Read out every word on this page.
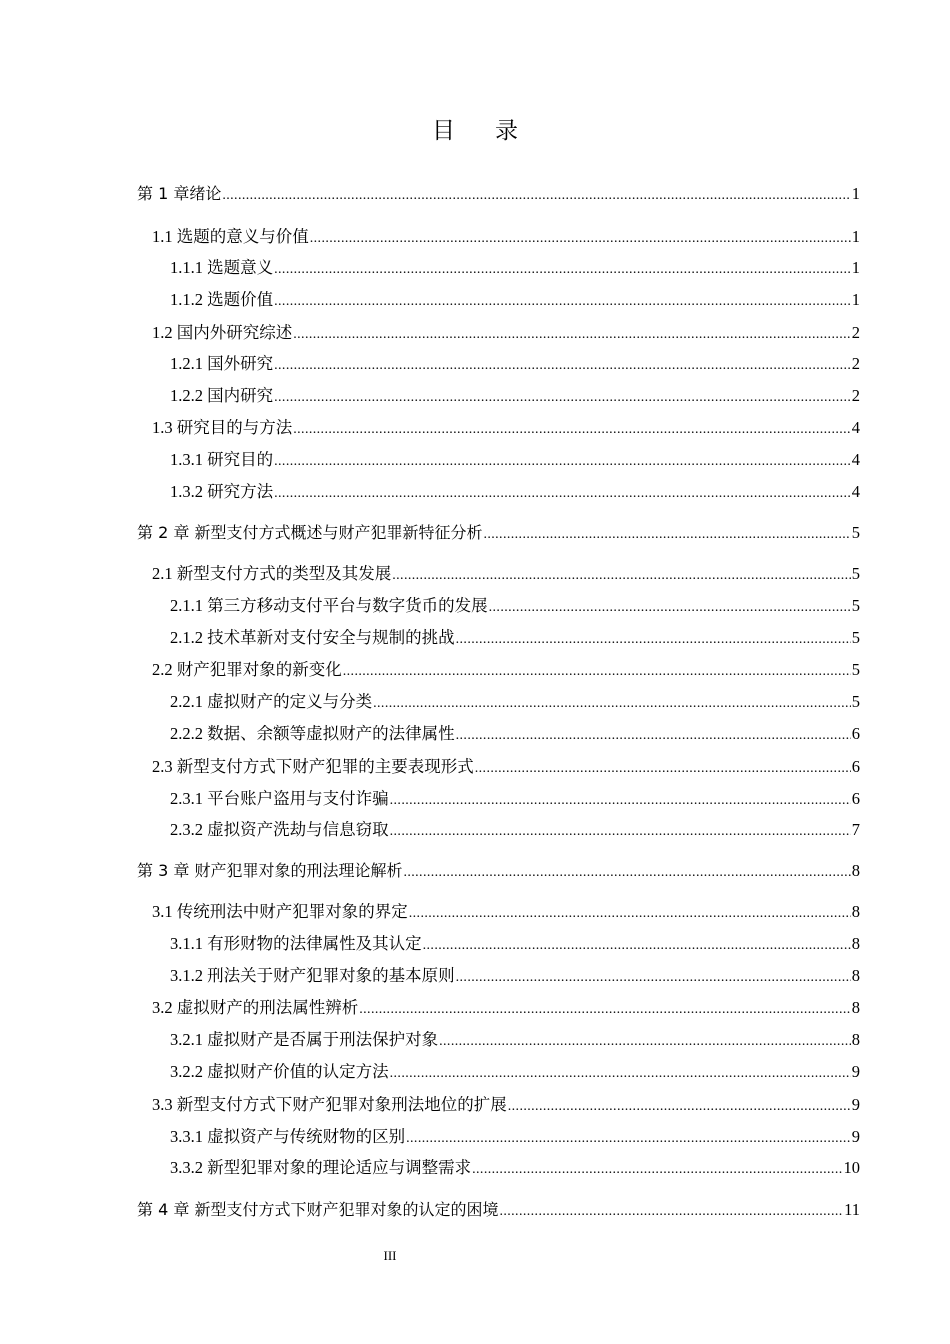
目录
第 1 章绪论 .....	1
1.1 选题的意义与价值 .....	1
1.1.1 选题意义 .....	1
1.1.2 选题价值 .....	1
1.2 国内外研究综述 .....	2
1.2.1 国外研究 .....	2
1.2.2 国内研究 .....	2
1.3 研究目的与方法 .....	4
1.3.1 研究目的 .....	4
1.3.2 研究方法 .....	4
第 2 章 新型支付方式概述与财产犯罪新特征分析 .....	5
2.1 新型支付方式的类型及其发展 .....	5
2.1.1 第三方移动支付平台与数字货币的发展 .....	5
2.1.2 技术革新对支付安全与规制的挑战 .....	5
2.2 财产犯罪对象的新变化 .....	5
2.2.1 虚拟财产的定义与分类 .....	5
2.2.2 数据、余额等虚拟财产的法律属性 .....	6
2.3 新型支付方式下财产犯罪的主要表现形式 .....	6
2.3.1 平台账户盗用与支付诈骗 .....	6
2.3.2 虚拟资产洗劫与信息窃取 .....	7
第 3 章 财产犯罪对象的刑法理论解析 .....	8
3.1 传统刑法中财产犯罪对象的界定 .....	8
3.1.1 有形财物的法律属性及其认定 .....	8
3.1.2 刑法关于财产犯罪对象的基本原则 .....	8
3.2 虚拟财产的刑法属性辨析 .....	8
3.2.1 虚拟财产是否属于刑法保护对象 .....	8
3.2.2 虚拟财产价值的认定方法 .....	9
3.3 新型支付方式下财产犯罪对象刑法地位的扩展 .....	9
3.3.1 虚拟资产与传统财物的区别 .....	9
3.3.2 新型犯罪对象的理论适应与调整需求 .....	10
第 4 章 新型支付方式下财产犯罪对象的认定的困境 .....	11
III
